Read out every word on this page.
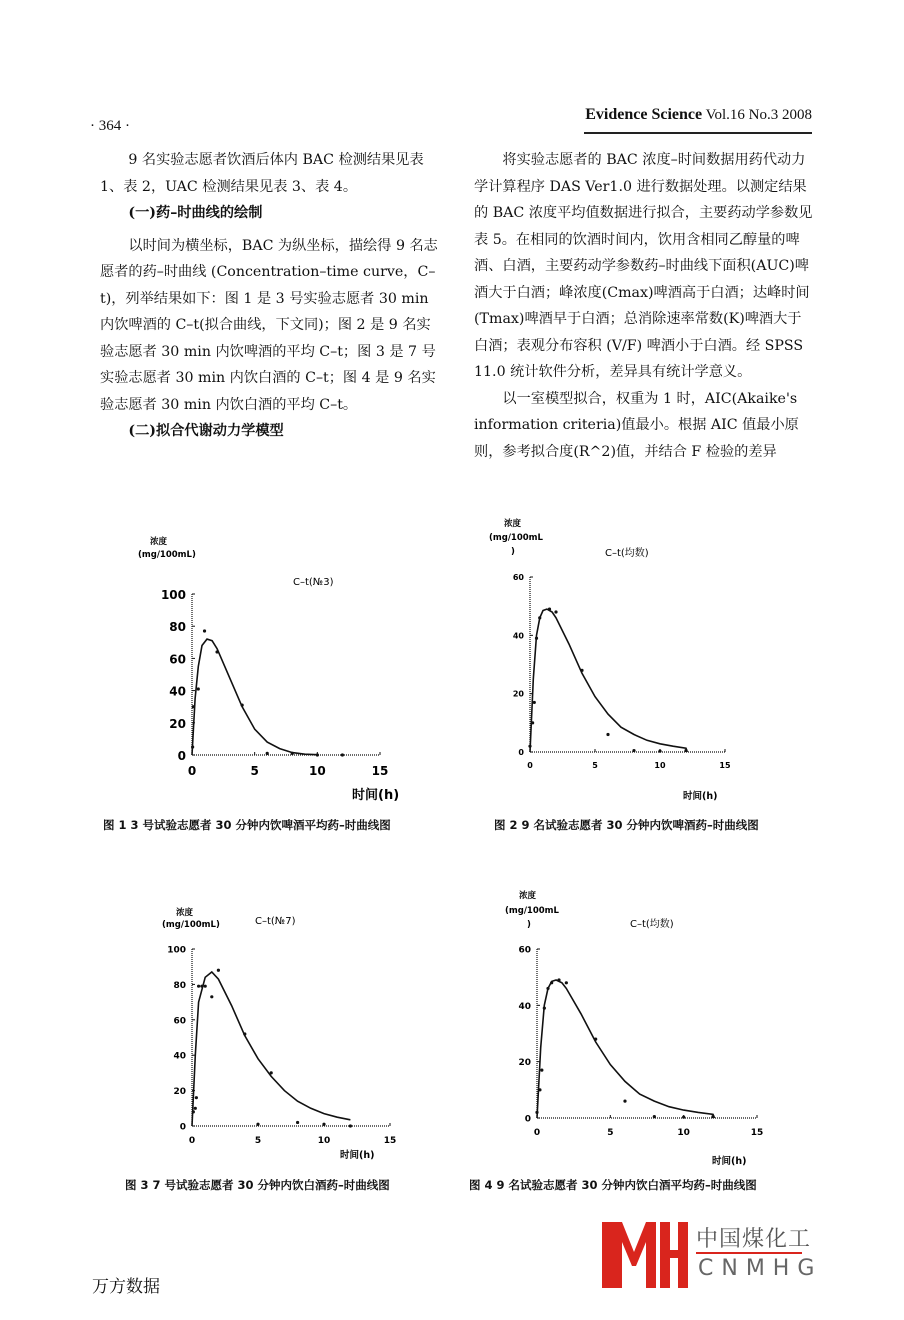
· 364 ·
Evidence Science Vol.16 No.3 2008

9 名实验志愿者饮酒后体内 BAC 检测结果见表 1、表 2，UAC 检测结果见表 3、表 4。

(一)药–时曲线的绘制

以时间为横坐标，BAC 为纵坐标，描绘得 9 名志愿者的药–时曲线 (Concentration–time curve，C–t)，列举结果如下：图 1 是 3 号实验志愿者 30 min 内饮啤酒的 C–t(拟合曲线，下文同)；图 2 是 9 名实验志愿者 30 min 内饮啤酒的平均 C–t；图 3 是 7 号实验志愿者 30 min 内饮白酒的 C–t；图 4 是 9 名实验志愿者 30 min 内饮白酒的平均 C–t。

(二)拟合代谢动力学模型

将实验志愿者的 BAC 浓度–时间数据用药代动力学计算程序 DAS Ver1.0 进行数据处理。以测定结果的 BAC 浓度平均值数据进行拟合，主要药动学参数见表 5。在相同的饮酒时间内，饮用含相同乙醇量的啤酒、白酒，主要药动学参数药–时曲线下面积(AUC)啤酒大于白酒；峰浓度(Cmax)啤酒高于白酒；达峰时间(Tmax)啤酒早于白酒；总消除速率常数(K)啤酒大于白酒；表观分布容积 (V/F) 啤酒小于白酒。经 SPSS 11.0 统计软件分析，差异具有统计学意义。

以一室模型拟合，权重为 1 时，AIC(Akaike's information criteria)值最小。根据 AIC 值最小原则，参考拟合度(R^2)值，并结合 F 检验的差异

0	5	10	15
0
20
40
60
80
100
浓度
(mg/100mL)
C–t(№3)
时间(h)
0	5	10	15
0
20
40
60
浓度
(mg/100mL
)	C–t(均数)
时间(h)
0	5	10	15
0
20
40
60
80
100
浓度
(mg/100mL)	C–t(№7)
时间(h)
0	5	10	15
0
20
40
60
浓度
(mg/100mL
)	C–t(均数)
时间(h)
图 1 3 号试验志愿者 30 分钟内饮啤酒平均药–时曲线图	图 2 9 名试验志愿者 30 分钟内饮啤酒药–时曲线图
图 3 7 号试验志愿者 30 分钟内饮白酒药–时曲线图	图 4 9 名试验志愿者 30 分钟内饮白酒平均药–时曲线图
中国煤化工
CNMHG
万方数据
